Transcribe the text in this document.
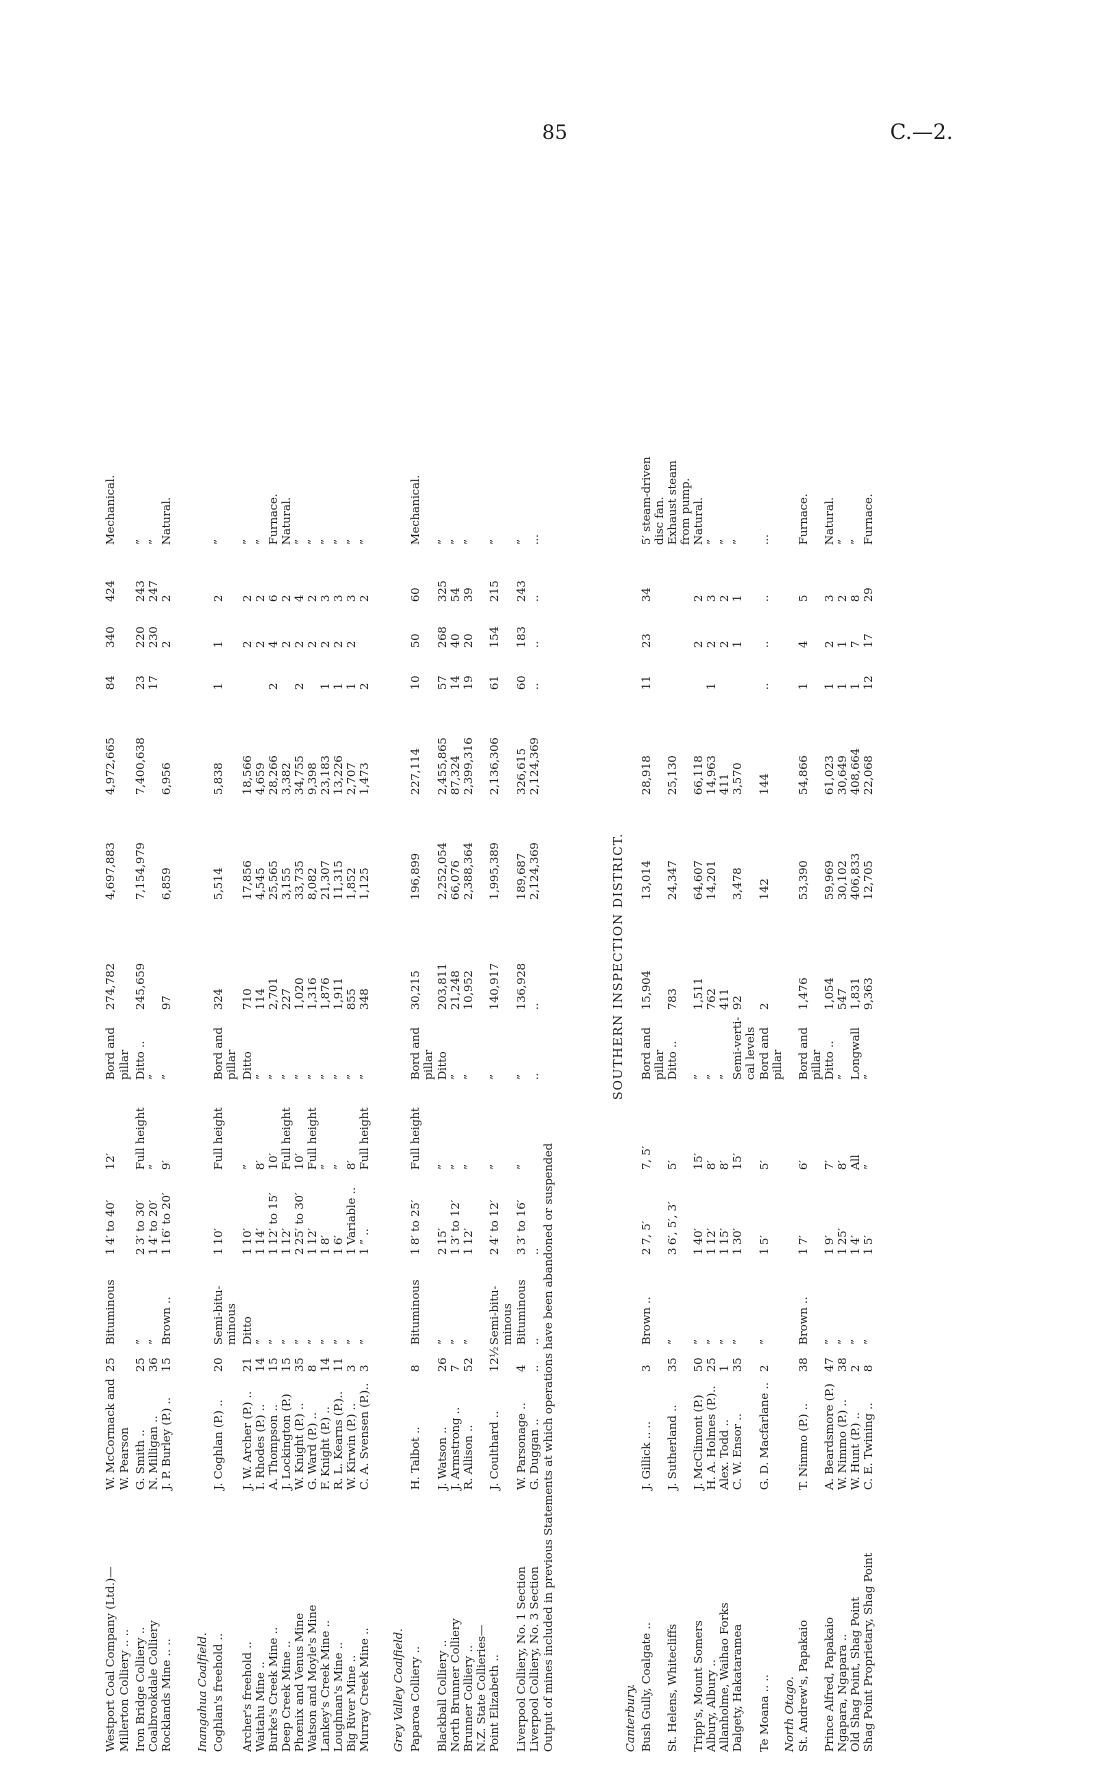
85	C.—2.
Westport Coal Company (Ltd.)—
W. McCormack and
25
Bituminous
1
4′ to 40′
12′
Bord and
274,782
4,697,883
4,972,665
84
340
424
Mechanical.
Millerton Colliery .. ..
W. Pearson
pillar
Iron Bridge Colliery ..
G. Smith ..
25
”
2
3′ to 30′
Full height
Ditto ..
245,659
7,154,979
7,400,638
23
220
243
”
Coalbrookdale Colliery
N. Milligan ..
36
”
1
4′ to 20′
”
”
17
230
247
”
Rocklands Mine .. ..
J. P. Burley (P.) ..
15
Brown ..
1
16′ to 20′
9′
”
97
6,859
6,956
2
2
Natural.
Inangahua Coalfield. Coghlan's freehold ..
J. Coghlan (P.) ..
20
Semi-bitu-
1
10′
Full height
Bord and
324
5,514
5,838
1
1
2
”
minous
pillar
Archer's freehold ..
J. W. Archer (P.) ..
21
Ditto
1
10′
”
Ditto
710
17,856
18,566
2
2
”
Waitahu Mine ..
I. Rhodes (P.) ..
14
”
1
14′
8′
”
114
4,545
4,659
2
2
”
Burke's Creek Mine ..
A. Thompson ..
15
”
1
12′ to 15′
10′
”
2,701
25,565
28,266
2
4
6
Furnace.
Deep Creek Mine ..
J. Lockington (P.)
15
”
1
12′
Full height
”
227
3,155
3,382
2
2
Natural.
Phœnix and Venus Mine
W. Knight (P.) ..
35
”
2
25′ to 30′
10′
”
1,020
33,735
34,755
2
2
4
”
Watson and Moyle's Mine
G. Ward (P.) ..
8
”
1
12′
Full height
”
1,316
8,082
9,398
2
2
”
Lankey's Creek Mine ..
F. Knight (P.) ..
14
”
1
8′
”
”
1,876
21,307
23,183
1
2
3
”
Loughnan's Mine ..
R. L. Kearns (P.)..
11
”
1
6′
”
”
1,911
11,315
13,226
1
2
3
”
Big River Mine ..
W. Kirwin (P.) ..
3
”
1
Variable ..
8′
”
855
1,852
2,707
1
2
3
”
Murray Creek Mine ..
C. A. Svensen (P.)..
3
”
1
” ..
Full height
”
348
1,125
1,473
2
2
”
Grey Valley Coalfield. Paparoa Colliery ..
H. Talbot ..
8
Bituminous
1
8′ to 25′
Full height
Bord and
30,215
196,899
227,114
10
50
60
Mechanical.
pillar
Blackball Colliery ..
J. Watson ..
26
”
2
15′
”
Ditto
203,811
2,252,054
2,455,865
57
268
325
”
North Brunner Colliery
J. Armstrong ..
7
”
1
3′ to 12′
”
”
21,248
66,076
87,324
14
40
54
”
Brunner Colliery ..
R. Allison ..
52
”
1
12′
”
”
10,952
2,388,364
2,399,316
19
20
39
”
N.Z. State Collieries— Point Elizabeth ..
J. Coulthard ..
12½
Semi-bitu-
2
4′ to 12′
”
”
140,917
1,995,389
2,136,306
61
154
215
”
minous
Liverpool Colliery, No. 1 Section
W. Parsonage ..
4
Bituminous
3
3′ to 16′
”
”
136,928
189,687
326,615
60
183
243
”
Liverpool Colliery, No. 3 Section
G. Duggan ..
..
..
..
..
..
2,124,369
2,124,369
..
..
..
...
Output of mines included in previous Statements at which operations have been abandoned or suspended	Canterbury. Bush Gully, Coalgate ..
J. Gillick .. ..
3
Brown ..
2
7, 5′
7, 5′
Bord and
15,904
13,014
28,918
11
23
34
5′ steam-driven
pillar
disc fan.
St. Helens, Whitecliffs
J. Sutherland ..
35
”
3
6′, 5′, 3′
5′
Ditto ..
783
24,347
25,130
Exhaust steam from pump.
Tripp's, Mount Somers
J. McClimont (P.)
50
”
1
40′
15′
”
1,511
64,607
66,118
2
2
Natural.
Albury, Albury ..
H. A. Holmes (P.)..
25
”
1
12′
8′
”
762
14,201
14,963
1
2
3
”
Allanholme, Waihao Forks
Alex. Todd ..
1
”
1
15′
8′
”
411
411
2
2
”
Dalgety, Hakataramea
C. W. Ensor ..
35
”
1
30′
15′
Semi-verti-
92
3,478
3,570
1
1
”
cal levels
Te Moana .. ..
G. D. Macfarlane ..
2
”
1
5′
5′
Bord and
2
142
144
..
..
..
...
pillar
North Otago. St. Andrew's, Papakaio
T. Nimmo (P.) ..
38
Brown ..
1
7′
6′
Bord and
1,476
53,390
54,866
1
4
5
Furnace.
pillar
Prince Alfred, Papakaio
A. Beardsmore (P.)
47
”
1
9′
7′
Ditto ..
1,054
59,969
61,023
1
2
3
Natural.
Ngapara, Ngapara ..
W. Nimmo (P.) ..
38
”
1
25′
8′
”
547
30,102
30,649
1
1
2
”
Old Shag Point, Shag Point
W. Hunt (P.) ..
2
”
1
4′
All
Longwall
1,831
406,833
408,664
1
7
8
”
Shag Point Proprietary, Shag Point
C. E. Twining ..
8
”
1
5′
”
”
9,363
12,705
22,068
12
17
29
Furnace.
SOUTHERN INSPECTION DISTRICT.
